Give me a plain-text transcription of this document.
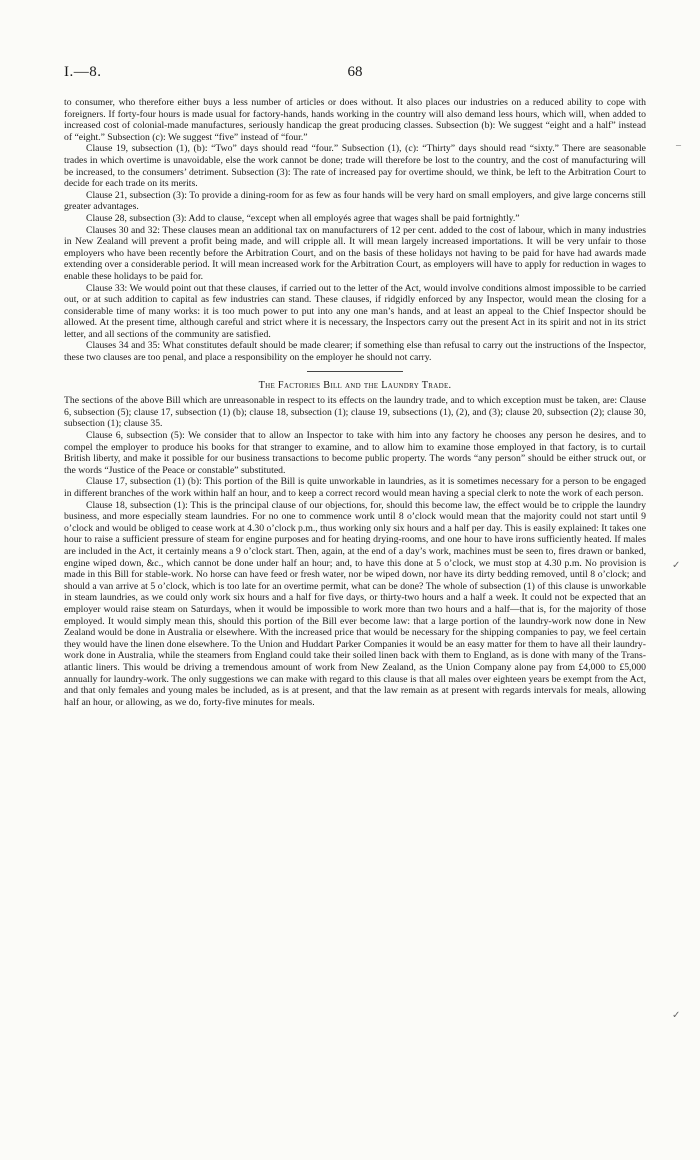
I.—8.	68

to consumer, who therefore either buys a less number of articles or does without. It also places our industries on a reduced ability to cope with foreigners. If forty-four hours is made usual for factory-hands, hands working in the country will also demand less hours, which will, when added to increased cost of colonial-made manufactures, seriously handicap the great producing classes. Subsection (b): We suggest “eight and a half” instead of “eight.” Subsection (c): We suggest “five” instead of “four.”

Clause 19, subsection (1), (b): “Two” days should read “four.” Subsection (1), (c): “Thirty” days should read “sixty.” There are seasonable trades in which overtime is unavoidable, else the work cannot be done; trade will therefore be lost to the country, and the cost of manufacturing will be increased, to the consumers’ detriment. Subsection (3): The rate of increased pay for overtime should, we think, be left to the Arbitration Court to decide for each trade on its merits.

Clause 21, subsection (3): To provide a dining-room for as few as four hands will be very hard on small employers, and give large concerns still greater advantages.

Clause 28, subsection (3): Add to clause, “except when all employés agree that wages shall be paid fortnightly.”

Clauses 30 and 32: These clauses mean an additional tax on manufacturers of 12 per cent. added to the cost of labour, which in many industries in New Zealand will prevent a profit being made, and will cripple all. It will mean largely increased importations. It will be very unfair to those employers who have been recently before the Arbitration Court, and on the basis of these holidays not having to be paid for have had awards made extending over a considerable period. It will mean increased work for the Arbitration Court, as employers will have to apply for reduction in wages to enable these holidays to be paid for.

Clause 33: We would point out that these clauses, if carried out to the letter of the Act, would involve conditions almost impossible to be carried out, or at such addition to capital as few industries can stand. These clauses, if ridgidly enforced by any Inspector, would mean the closing for a considerable time of many works: it is too much power to put into any one man’s hands, and at least an appeal to the Chief Inspector should be allowed. At the present time, although careful and strict where it is necessary, the Inspectors carry out the present Act in its spirit and not in its strict letter, and all sections of the community are satisfied.

Clauses 34 and 35: What constitutes default should be made clearer; if something else than refusal to carry out the instructions of the Inspector, these two clauses are too penal, and place a responsibility on the employer he should not carry.

The Factories Bill and the Laundry Trade.

The sections of the above Bill which are unreasonable in respect to its effects on the laundry trade, and to which exception must be taken, are: Clause 6, subsection (5); clause 17, subsection (1) (b); clause 18, subsection (1); clause 19, subsections (1), (2), and (3); clause 20, subsection (2); clause 30, subsection (1); clause 35.

Clause 6, subsection (5): We consider that to allow an Inspector to take with him into any factory he chooses any person he desires, and to compel the employer to produce his books for that stranger to examine, and to allow him to examine those employed in that factory, is to curtail British liberty, and make it possible for our business transactions to become public property. The words “any person” should be either struck out, or the words “Justice of the Peace or constable” substituted.

Clause 17, subsection (1) (b): This portion of the Bill is quite unworkable in laundries, as it is sometimes necessary for a person to be engaged in different branches of the work within half an hour, and to keep a correct record would mean having a special clerk to note the work of each person.

Clause 18, subsection (1): This is the principal clause of our objections, for, should this become law, the effect would be to cripple the laundry business, and more especially steam laundries. For no one to commence work until 8 o’clock would mean that the majority could not start until 9 o’clock and would be obliged to cease work at 4.30 o’clock p.m., thus working only six hours and a half per day. This is easily explained: It takes one hour to raise a sufficient pressure of steam for engine purposes and for heating drying-rooms, and one hour to have irons sufficiently heated. If males are included in the Act, it certainly means a 9 o’clock start. Then, again, at the end of a day’s work, machines must be seen to, fires drawn or banked, engine wiped down, &c., which cannot be done under half an hour; and, to have this done at 5 o’clock, we must stop at 4.30 p.m. No provision is made in this Bill for stable-work. No horse can have feed or fresh water, nor be wiped down, nor have its dirty bedding removed, until 8 o’clock; and should a van arrive at 5 o’clock, which is too late for an overtime permit, what can be done? The whole of subsection (1) of this clause is unworkable in steam laundries, as we could only work six hours and a half for five days, or thirty-two hours and a half a week. It could not be expected that an employer would raise steam on Saturdays, when it would be impossible to work more than two hours and a half—that is, for the majority of those employed. It would simply mean this, should this portion of the Bill ever become law: that a large portion of the laundry-work now done in New Zealand would be done in Australia or elsewhere. With the increased price that would be necessary for the shipping companies to pay, we feel certain they would have the linen done elsewhere. To the Union and Huddart Parker Companies it would be an easy matter for them to have all their laundry-work done in Australia, while the steamers from England could take their soiled linen back with them to England, as is done with many of the Trans-atlantic liners. This would be driving a tremendous amount of work from New Zealand, as the Union Company alone pay from £4,000 to £5,000 annually for laundry-work. The only suggestions we can make with regard to this clause is that all males over eighteen years be exempt from the Act, and that only females and young males be included, as is at present, and that the law remain as at present with regards intervals for meals, allowing half an hour, or allowing, as we do, forty-five minutes for meals.

–
✓
✓
